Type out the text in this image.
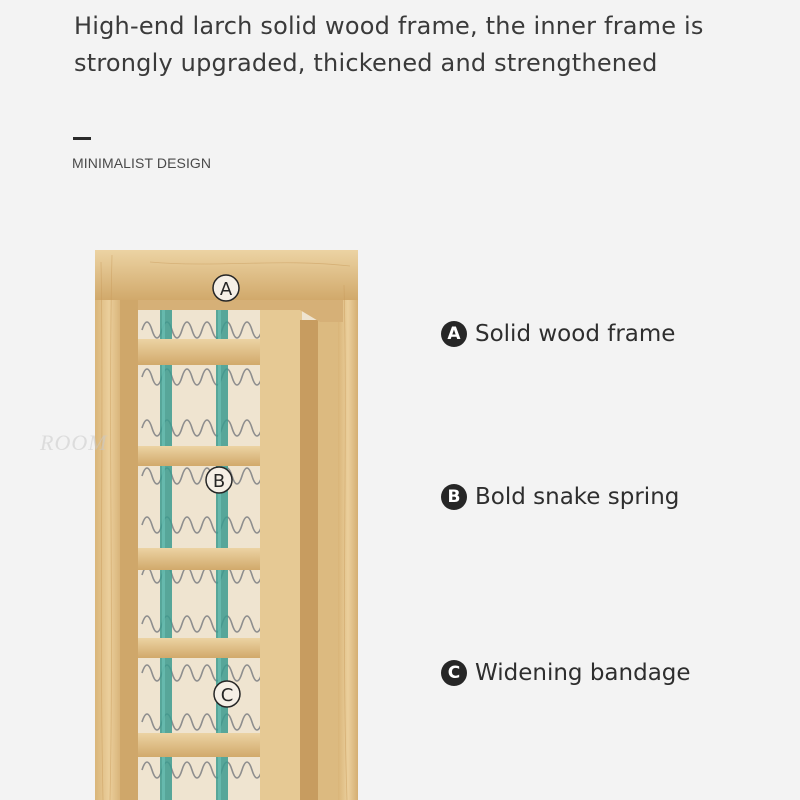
High-end larch solid wood frame, the inner frame is strongly upgraded, thickened and strengthened
MINIMALIST DESIGN
A
B
C
ROOM
A Solid wood frame
B Bold snake spring
C Widening bandage
